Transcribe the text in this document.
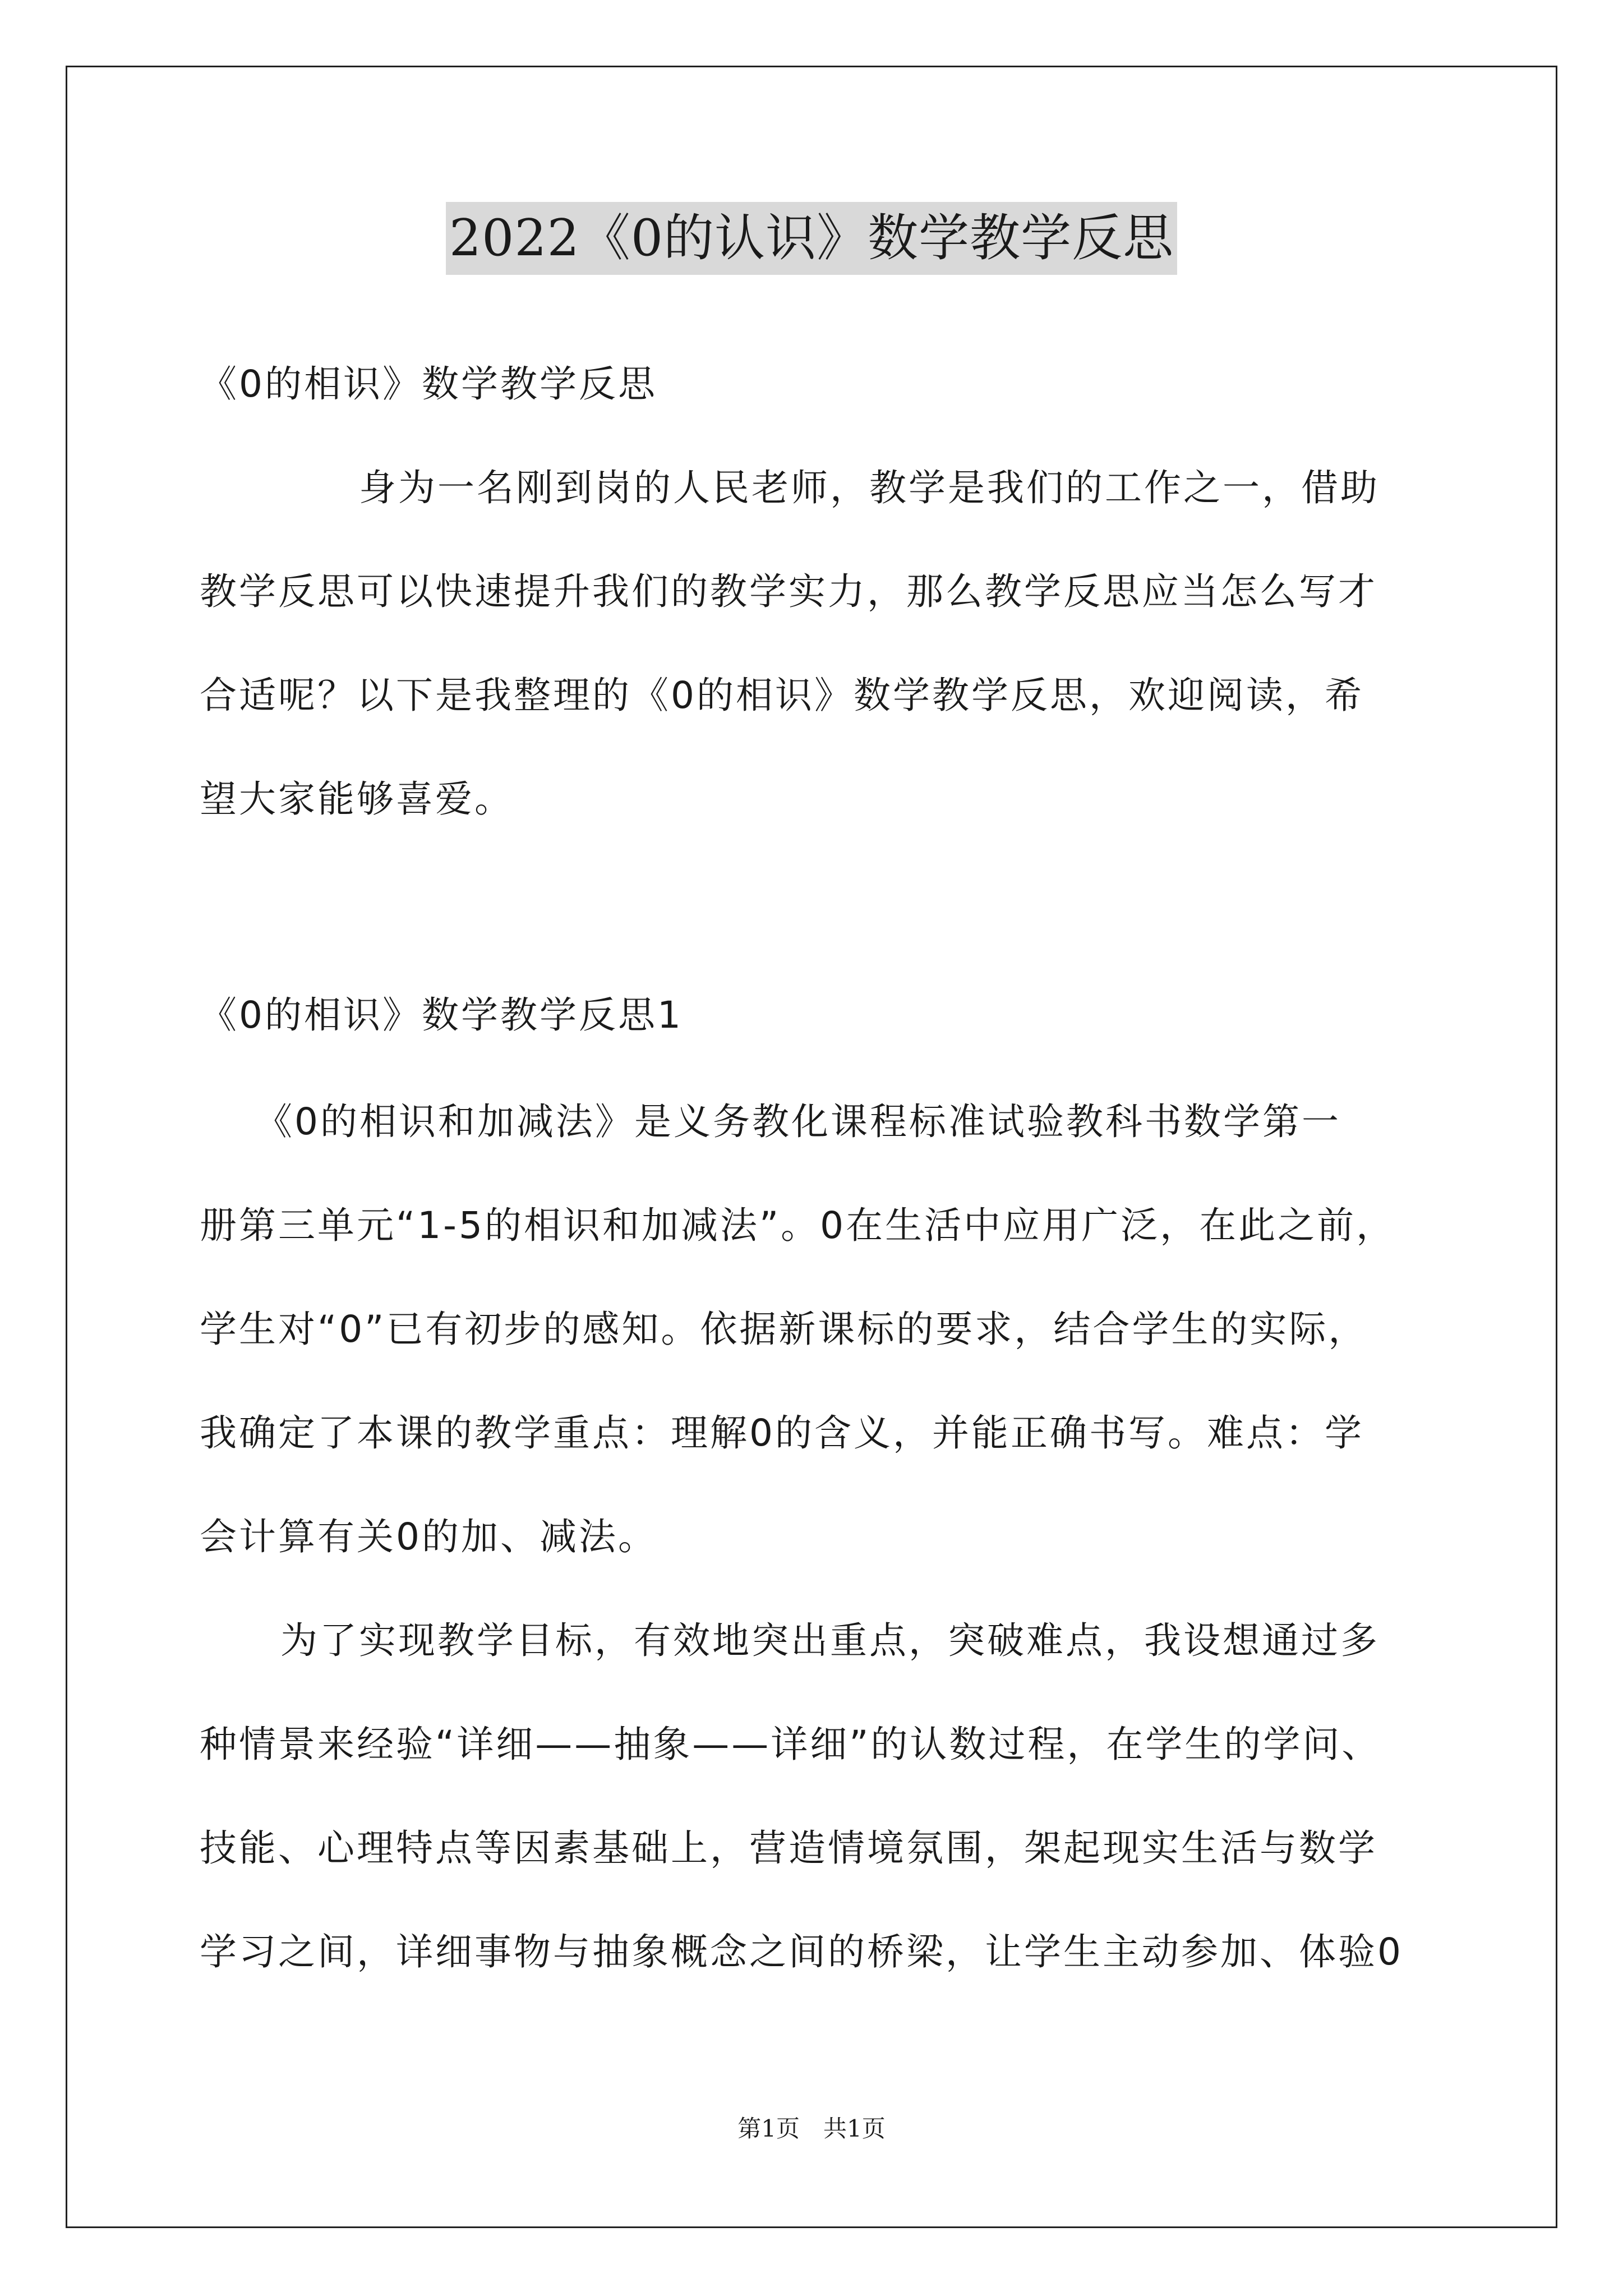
2022《0的认识》数学教学反思
《0的相识》数学教学反思
身为一名刚到岗的人民老师，教学是我们的工作之一，借助
教学反思可以快速提升我们的教学实力，那么教学反思应当怎么写才
合适呢？以下是我整理的《0的相识》数学教学反思，欢迎阅读，希
望大家能够喜爱。
《0的相识》数学教学反思1
《0的相识和加减法》是义务教化课程标准试验教科书数学第一
册第三单元“1-5的相识和加减法”。0在生活中应用广泛，在此之前，
学生对“0”已有初步的感知。依据新课标的要求，结合学生的实际，
我确定了本课的教学重点：理解0的含义，并能正确书写。难点：学
会计算有关0的加、减法。
为了实现教学目标，有效地突出重点，突破难点，我设想通过多
种情景来经验“详细——抽象——详细”的认数过程，在学生的学问、
技能、心理特点等因素基础上，营造情境氛围，架起现实生活与数学
学习之间，详细事物与抽象概念之间的桥梁，让学生主动参加、体验0
第1页　共1页
